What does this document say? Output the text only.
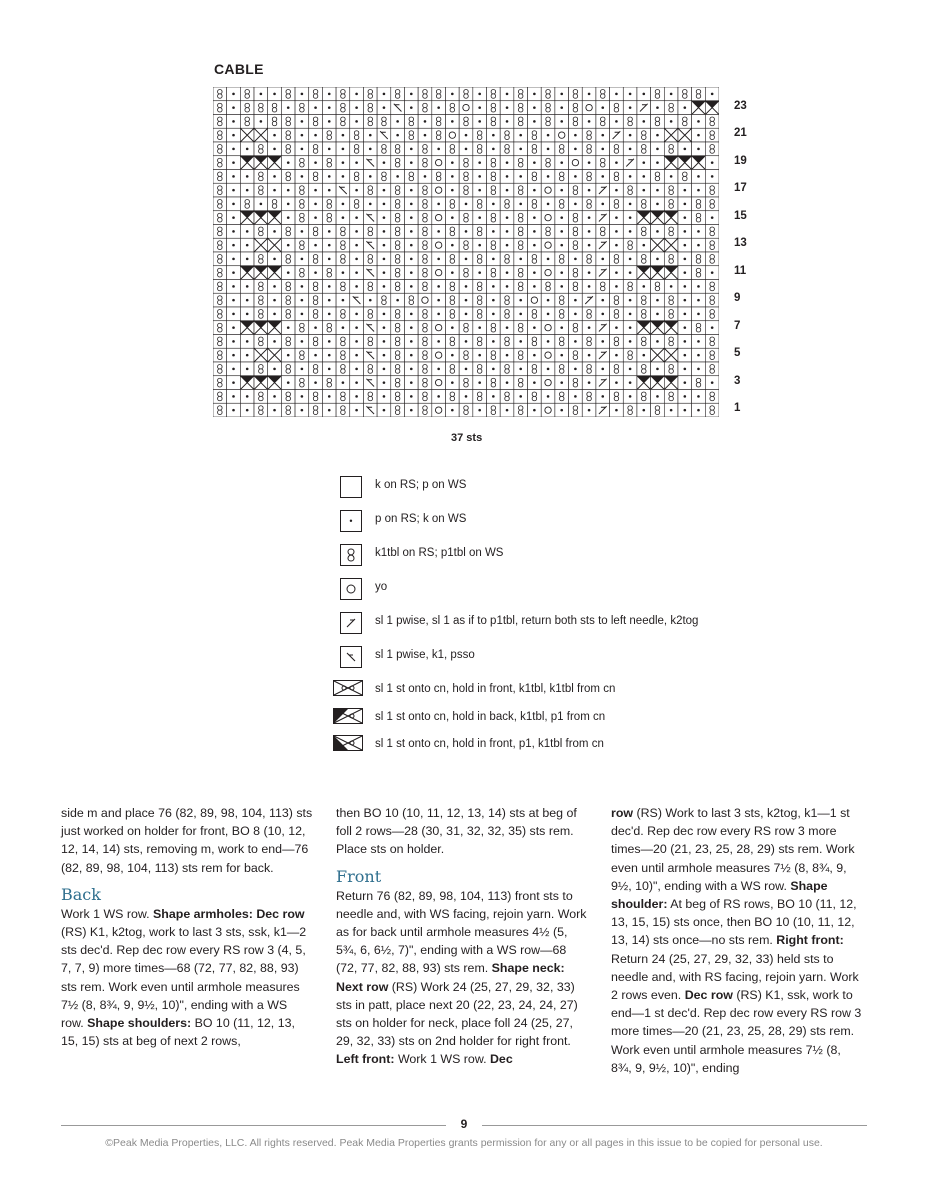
CABLE
23
21
19
17
15
13
11
9
7
5
3
1
37 sts
k on RS; p on WS
• p on RS; k on WS
k1tbl on RS; p1tbl on WS
yo
sl 1 pwise, sl 1 as if to p1tbl, return both sts to left needle, k2tog
sl 1 pwise, k1, psso
sl 1 st onto cn, hold in front, k1tbl, k1tbl from cn
sl 1 st onto cn, hold in back, k1tbl, p1 from cn
sl 1 st onto cn, hold in front, p1, k1tbl from cn

side m and place 76 (82, 89, 98, 104, 113) sts just worked on holder for front, BO 8 (10, 12, 12, 14, 14) sts, removing m, work to end—76 (82, 89, 98, 104, 113) sts rem for back.

Back

Work 1 WS row. Shape armholes: Dec row (RS) K1, k2tog, work to last 3 sts, ssk, k1—2 sts dec'd. Rep dec row every RS row 3 (4, 5, 7, 7, 9) more times—68 (72, 77, 82, 88, 93) sts rem. Work even until armhole measures 7½ (8, 8¾, 9, 9½, 10)", ending with a WS row. Shape shoulders: BO 10 (11, 12, 13, 15, 15) sts at beg of next 2 rows,

then BO 10 (10, 11, 12, 13, 14) sts at beg of foll 2 rows—28 (30, 31, 32, 32, 35) sts rem. Place sts on holder.

Front

Return 76 (82, 89, 98, 104, 113) front sts to needle and, with WS facing, rejoin yarn. Work as for back until armhole measures 4½ (5, 5¾, 6, 6½, 7)", ending with a WS row—68 (72, 77, 82, 88, 93) sts rem. Shape neck: Next row (RS) Work 24 (25, 27, 29, 32, 33) sts in patt, place next 20 (22, 23, 24, 24, 27) sts on holder for neck, place foll 24 (25, 27, 29, 32, 33) sts on 2nd holder for right front. Left front: Work 1 WS row. Dec

row (RS) Work to last 3 sts, k2tog, k1—1 st dec'd. Rep dec row every RS row 3 more times—20 (21, 23, 25, 28, 29) sts rem. Work even until armhole measures 7½ (8, 8¾, 9, 9½, 10)", ending with a WS row. Shape shoulder: At beg of RS rows, BO 10 (11, 12, 13, 15, 15) sts once, then BO 10 (10, 11, 12, 13, 14) sts once—no sts rem. Right front: Return 24 (25, 27, 29, 32, 33) held sts to needle and, with RS facing, rejoin yarn. Work 2 rows even. Dec row (RS) K1, ssk, work to end—1 st dec'd. Rep dec row every RS row 3 more times—20 (21, 23, 25, 28, 29) sts rem. Work even until armhole measures 7½ (8, 8¾, 9, 9½, 10)", ending

9
©Peak Media Properties, LLC. All rights reserved. Peak Media Properties grants permission for any or all pages in this issue to be copied for personal use.
